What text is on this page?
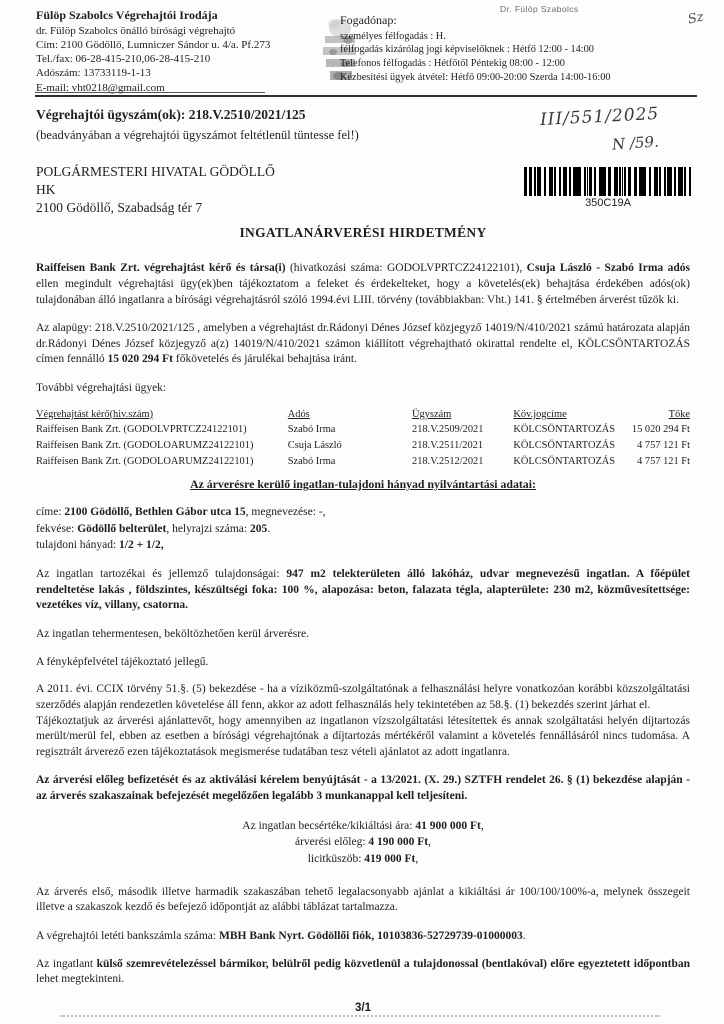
Fülöp Szabolcs Végrehajtói Irodája
dr. Fülöp Szabolcs önálló bírósági végrehajtó
Cím: 2100 Gödöllő, Lumniczer Sándor u. 4/a. Pf.273
Tel./fax: 06-28-415-210,06-28-415-210
Adószám: 13733119-1-13
E-mail: vht0218@gmail.com
Dr. Fülöp Szabolcs
Sz
Fogadónap:
személyes félfogadás : H.
félfogadás kizárólag jogi képviselőknek : Hétfő 12:00 - 14:00
Telefonos félfogadás : Hétfőtől Péntekig 08:00 - 12:00
Kézbesítési ügyek átvétel: Hétfő 09:00-20:00 Szerda 14:00-16:00
Végrehajtói ügyszám(ok): 218.V.2510/2021/125
(beadványában a végrehajtói ügyszámot feltétlenül tüntesse fel!)
III/551/2025
N /59.
POLGÁRMESTERI HIVATAL GÖDÖLLŐ
HK
2100 Gödöllő, Szabadság tér 7	350C19A
INGATLANÁRVERÉSI HIRDETMÉNY
Raiffeisen Bank Zrt. végrehajtást kérő és társa(i) (hivatkozási száma: GODOLVPRTCZ24122101), Csuja László - Szabó Irma adós ellen megindult végrehajtási ügy(ek)ben tájékoztatom a feleket és érdekelteket, hogy a követelés(ek) behajtása érdekében adós(ok) tulajdonában álló ingatlanra a bírósági végrehajtásról szóló 1994.évi LIII. törvény (továbbiakban: Vht.) 141. § értelmében árverést tűzök ki.
Az alapügy: 218.V.2510/2021/125 , amelyben a végrehajtást dr.Rádonyi Dénes József közjegyző 14019/N/410/2021 számú határozata alapján dr.Rádonyi Dénes József közjegyző a(z) 14019/N/410/2021 számon kiállított végrehajtható okirattal rendelte el, KÖLCSÖNTARTOZÁS címen fennálló 15 020 294 Ft főkövetelés és járulékai behajtása iránt.
További végrehajtási ügyek:
Végrehajtást kérő(hiv.szám)	Adós	Ügyszám	Köv.jogcíme	Tőke
Raiffeisen Bank Zrt. (GODOLVPRTCZ24122101)	Szabó Irma	218.V.2509/2021	KÖLCSÖNTARTOZÁS	15 020 294 Ft
Raiffeisen Bank Zrt. (GODOLOARUMZ24122101)	Csuja László	218.V.2511/2021	KÖLCSÖNTARTOZÁS	4 757 121 Ft
Raiffeisen Bank Zrt. (GODOLOARUMZ24122101)	Szabó Irma	218.V.2512/2021	KÖLCSÖNTARTOZÁS	4 757 121 Ft
Az árverésre kerülő ingatlan-tulajdoni hányad nyilvántartási adatai:
címe: 2100 Gödöllő, Bethlen Gábor utca 15, megnevezése: -,
fekvése: Gödöllő belterület, helyrajzi száma: 205.
tulajdoni hányad: 1/2 + 1/2,
Az ingatlan tartozékai és jellemző tulajdonságai: 947 m2 telekterületen álló lakóház, udvar megnevezésű ingatlan. A főépület rendeltetése lakás , földszintes, készültségi foka: 100 %, alapozása: beton, falazata tégla, alapterülete: 230 m2, közművesítettsége: vezetékes víz, villany, csatorna.
Az ingatlan tehermentesen, beköltözhetően kerül árverésre.
A fényképfelvétel tájékoztató jellegű.
A 2011. évi. CCIX törvény 51.§. (5) bekezdése - ha a víziközmű-szolgáltatónak a felhasználási helyre vonatkozóan korábbi közszolgáltatási szerződés alapján rendezetlen követelése áll fenn, akkor az adott felhasználás hely tekintetében az 58.§. (1) bekezdés szerint járhat el.
Tájékoztatjuk az árverési ajánlattevőt, hogy amennyiben az ingatlanon vízszolgáltatási létesítettek és annak szolgáltatási helyén díjtartozás merült/merül fel, ebben az esetben a bírósági végrehajtónak a díjtartozás mértékéről valamint a követelés fennállásáról nincs tudomása. A regisztrált árverező ezen tájékoztatások megismerése tudatában tesz vételi ajánlatot az adott ingatlanra.
Az árverési előleg befizetését és az aktiválási kérelem benyújtását - a 13/2021. (X. 29.) SZTFH rendelet 26. § (1) bekezdése alapján - az árverés szakaszainak befejezését megelőzően legalább 3 munkanappal kell teljesíteni.
Az ingatlan becsértéke/kikiáltási ára: 41 900 000 Ft,
árverési előleg: 4 190 000 Ft,
licitküszöb: 419 000 Ft,
Az árverés első, második illetve harmadik szakaszában tehető legalacsonyabb ajánlat a kikiáltási ár 100/100/100%-a, melynek összegeit illetve a szakaszok kezdő és befejező időpontját az alábbi táblázat tartalmazza.
A végrehajtói letéti bankszámla száma: MBH Bank Nyrt. Gödöllői fiók, 10103836-52729739-01000003.
Az ingatlant külső szemrevételezéssel bármikor, belülről pedig közvetlenül a tulajdonossal (bentlakóval) előre egyeztetett időpontban lehet megtekinteni.
3/1
